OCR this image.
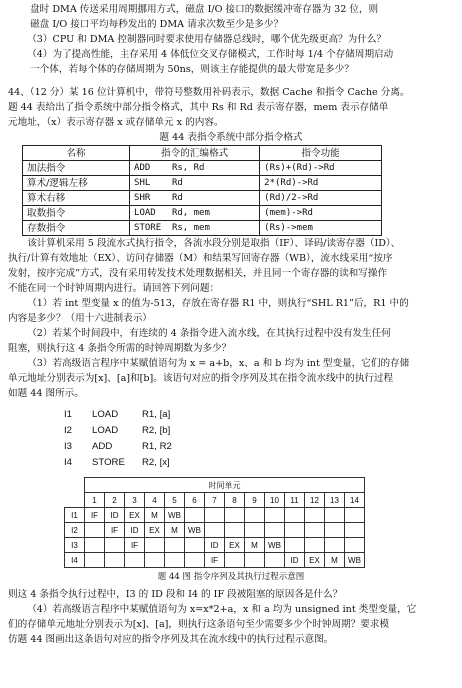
盘时 DMA 传送采用周期挪用方式，磁盘 I/O 接口的数据缓冲寄存器为 32 位，则

磁盘 I/O 接口平均每秒发出的 DMA 请求次数至少是多少？

（3）CPU 和 DMA 控制器同时要求使用存储器总线时，哪个优先级更高？为什么？

（4）为了提高性能，主存采用 4 体低位交叉存储模式，工作时每 1/4 个存储周期启动

一个体，若每个体的存储周期为 50ns，则该主存能提供的最大带宽是多少？

44、（12 分）某 16 位计算机中，带符号整数用补码表示，数据 Cache 和指令 Cache 分离。

题 44 表给出了指令系统中部分指令格式，其中 Rs 和 Rd 表示寄存器，mem 表示存储单

元地址，（x）表示寄存器 x 或存储单元 x 的内容。

题 44 表指令系统中部分指令格式

名称	指令的汇编格式	指令功能
加法指令	ADD    Rs, Rd	(Rs)+(Rd)->Rd
算术/逻辑左移	SHL    Rd	2*(Rd)->Rd
算术右移	SHR    Rd	(Rd)/2->Rd
取数指令	LOAD   Rd, mem	(mem)->Rd
存数指令	STORE  Rs, mem	(Rs)->mem

该计算机采用 5 段流水式执行指令，各流水段分别是取指（IF）、译码/读寄存器（ID）、

执行/计算有效地址（EX）、访问存储器（M）和结果写回寄存器（WB），流水线采用“按序

发射，按序完成”方式，没有采用转发技术处理数据相关，并且同一个寄存器的读和写操作

不能在同一个时钟周期内进行。请回答下列问题：

（1）若 int 型变量 x 的值为-513，存放在寄存器 R1 中，则执行“SHL R1”后，R1 中的

内容是多少？（用十六进制表示）

（2）若某个时间段中，有连续的 4 条指令进入流水线，在其执行过程中没有发生任何

阻塞，则执行这 4 条指令所需的时钟周期数为多少？

（3）若高级语言程序中某赋值语句为 x = a+b，x、a 和 b 均为 int 型变量，它们的存储

单元地址分别表示为[x]、[a]和[b]。该语句对应的指令序列及其在指令流水线中的执行过程

如题 44 图所示。

I1 LOAD R1, [a]
I2 LOAD R2, [b]
I3 ADD	R1, R2
I4 STORE R2, [x]
	时间单元													
	1	2	3	4	5	6	7	8	9	10	11	12	13	14
I1	IF	ID	EX	M	WB									
I2		IF	ID	EX	M	WB								
I3			IF				ID	EX	M	WB				
I4							IF				ID	EX	M	WB

题 44 图 指令序列及其执行过程示意图

则这 4 条指令执行过程中，I3 的 ID 段和 I4 的 IF 段被阻塞的原因各是什么？

（4）若高级语言程序中某赋值语句为 x=x*2+a，x 和 a 均为 unsigned int 类型变量，它

们的存储单元地址分别表示为[x]、[a]，则执行这条语句至少需要多少个时钟周期？要求模

仿题 44 图画出这条语句对应的指令序列及其在流水线中的执行过程示意图。
